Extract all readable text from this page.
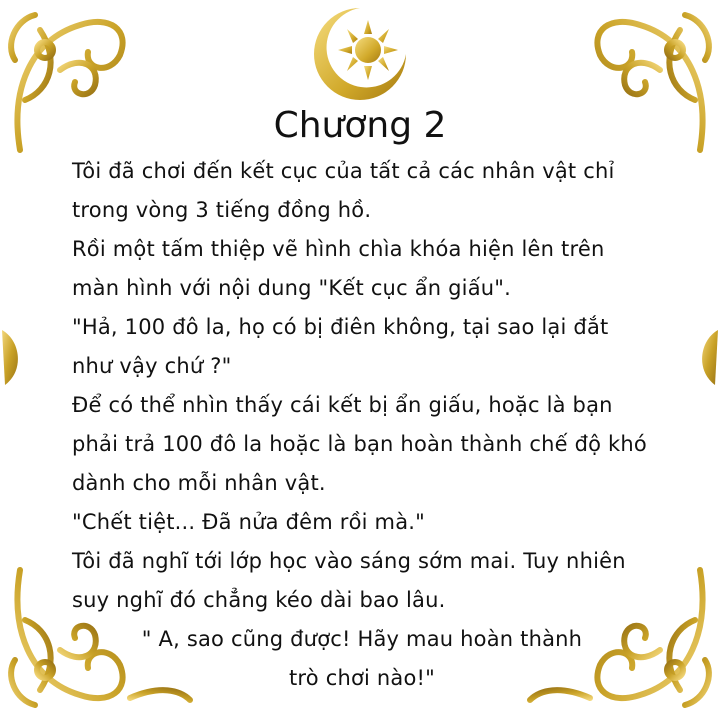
Chương 2
Tôi đã chơi đến kết cục của tất cả các nhân vật chỉ
trong vòng 3 tiếng đồng hồ.
Rồi một tấm thiệp vẽ hình chìa khóa hiện lên trên
màn hình với nội dung "Kết cục ẩn giấu".
"Hả, 100 đô la, họ có bị điên không, tại sao lại đắt
như vậy chứ ?"
Để có thể nhìn thấy cái kết bị ẩn giấu, hoặc là bạn
phải trả 100 đô la hoặc là bạn hoàn thành chế độ khó
dành cho mỗi nhân vật.
"Chết tiệt... Đã nửa đêm rồi mà."
Tôi đã nghĩ tới lớp học vào sáng sớm mai. Tuy nhiên
suy nghĩ đó chẳng kéo dài bao lâu.
" A, sao cũng được! Hãy mau hoàn thành
trò chơi nào!"
